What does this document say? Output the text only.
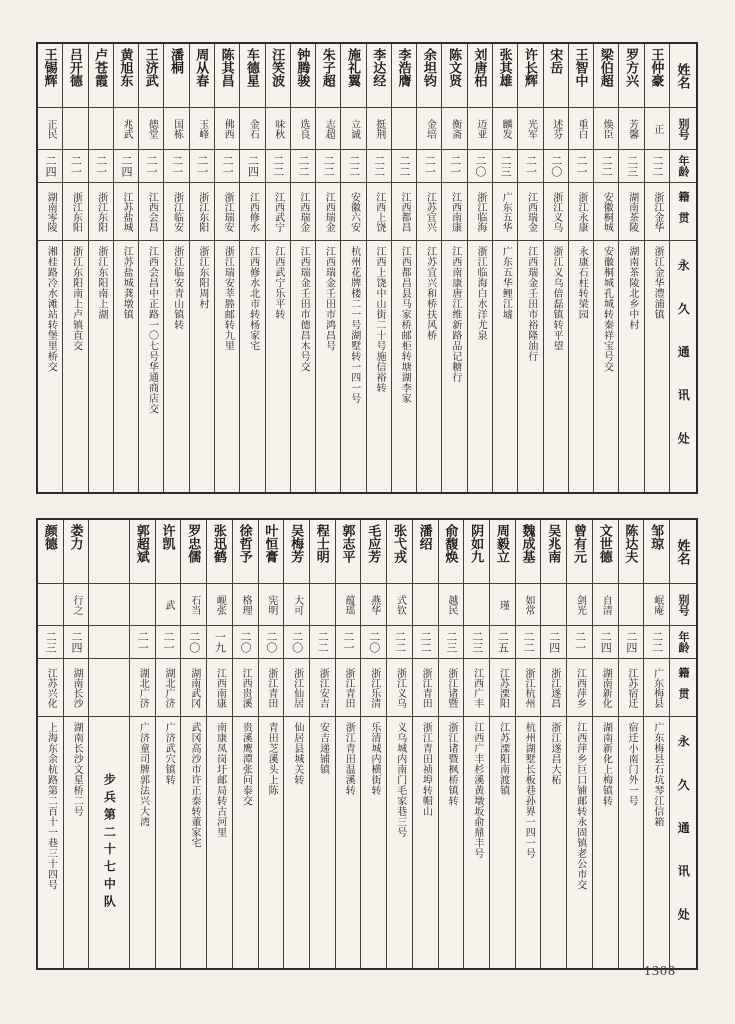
姓名
别号
年龄
籍贯
永久通讯处
王仲豪
正
二二
浙江金华
浙江金华澧浦镇
罗方兴
芳馨
二三
湖南茶陵
湖南茶陵北乡中村
梁伯超
焕臣
二二
安徽桐城
安徽桐城孔城转秦祥宝号交
王智中
重白
二一
浙江永康
永康石柱转梁园
宋岳
述芬
二〇
浙江义乌
浙江义乌倍磊镇转平望
许长辉
光军
二一
江西瑞金
江西瑞金壬田市裕隆油行
张其雄
麟发
二三
广东五华
广东五华鲤江墟
刘唐柏
迈亚
二〇
浙江临海
浙江临海白水洋尤泉
陈文贤
衡斋
二一
江西南康
江西南康唐江维新路品记糖行
余坦钧
金培
二一
江苏宜兴
江苏宜兴和桥扶风桥
李浩膺
二二
江西都昌
江西都昌县马家桥邮柜转塘湖李家
李达经
挺荆
二二
江西上饶
江西上饶中山街二十号施信裕转
施礼翼
立诚
二二
安徽六安
杭州花牌楼二一号湖墅转一四一号
朱子超
志超
二二
江西瑞金
江西瑞金壬田市鸿昌号
钟腾骏
选良
二二
江西瑞金
江西瑞金壬田市德昌木号交
汪笑波
味秋
二二
江西武宁
江西武宁乐平转
车德星
金石
二四
江西修水
江西修水北市转杨家宅
陈其昌
佛西
二一
浙江瑞安
浙江瑞安莘塍邮转九里
周从春
玉峰
二一
浙江东阳
浙江东阳周村
潘桐
国栋
二一
浙江临安
浙江临安青山镇转
王济武
德堂
二一
江西会昌
江西会昌中正路一〇七号华通商店交
黄旭东
兆武
二四
江苏盐城
江苏盐城龚墩镇
卢苍霞
二一
浙江东阳
浙江东阳南上湖
吕开德
二一
浙江东阳
浙江东阳南上卢镇直交
王锡辉
正民
二四
湖南零陵
湘桂路冷水滩站转堡里桥交
姓名
别号
年龄
籍贯
永久通讯处
邹琼
岷庵
二二
广东梅县
广东梅县石坑琴江信箱
陈达夫
二四
江苏宿迁
宿迁小南门外一号
文世德
自清
二四
湖南新化
湖南新化上梅镇转
曾有元
剑光
二一
江西萍乡
江西萍乡巨口铺邮转永固镇老公市交
吴兆南
二四
浙江遂昌
浙江遂昌大柘
魏成基
如常
二二
浙江杭州
杭州湖墅长板巷孙界一四一号
周毅立
瑾
二五
江苏溧阳
江苏溧阳南渡镇
阴如九
二三
江西广丰
江西广丰杉溪黄墩坂俞鼎丰号
俞馥焕
越民
二三
浙江诸暨
浙江诸暨枫桥镇转
潘绍
二二
浙江青田
浙江青田祯埠转帽山
张弋戎
式钦
二二
浙江义乌
义乌城内南门毛家巷三号
毛应芳
燕华
二〇
浙江乐清
乐清城内横街转
郭志平
蕴瑶
二一
浙江青田
浙江青田温溪转
程士明
二二
浙江安吉
安吉递铺镇
吴梅芳
大可
二〇
浙江仙居
仙居县城关转
叶恒膏
宪明
二〇
浙江青田
青田芝溪头上陈
徐哲予
格理
二〇
江西贵溪
贵溪鹰潭张问泰交
张迅鹤
岘张
一九
江西南康
南康凤岗圩邮局转古河里
罗忠儒
石当
二〇
湖南武冈
武冈高沙市许正泰转董家宅
许凯
武
二一
湖北广济
广济武穴镇转
郭超斌
二一
湖北广济
广济童司牌郭法兴大湾
步兵第二十七中队
娄力
行之
二四
湖南长沙
湖南长沙文星桥二号
颜德
二三
江苏兴化
上海东余杭路第二百十一巷三十四号
1308
